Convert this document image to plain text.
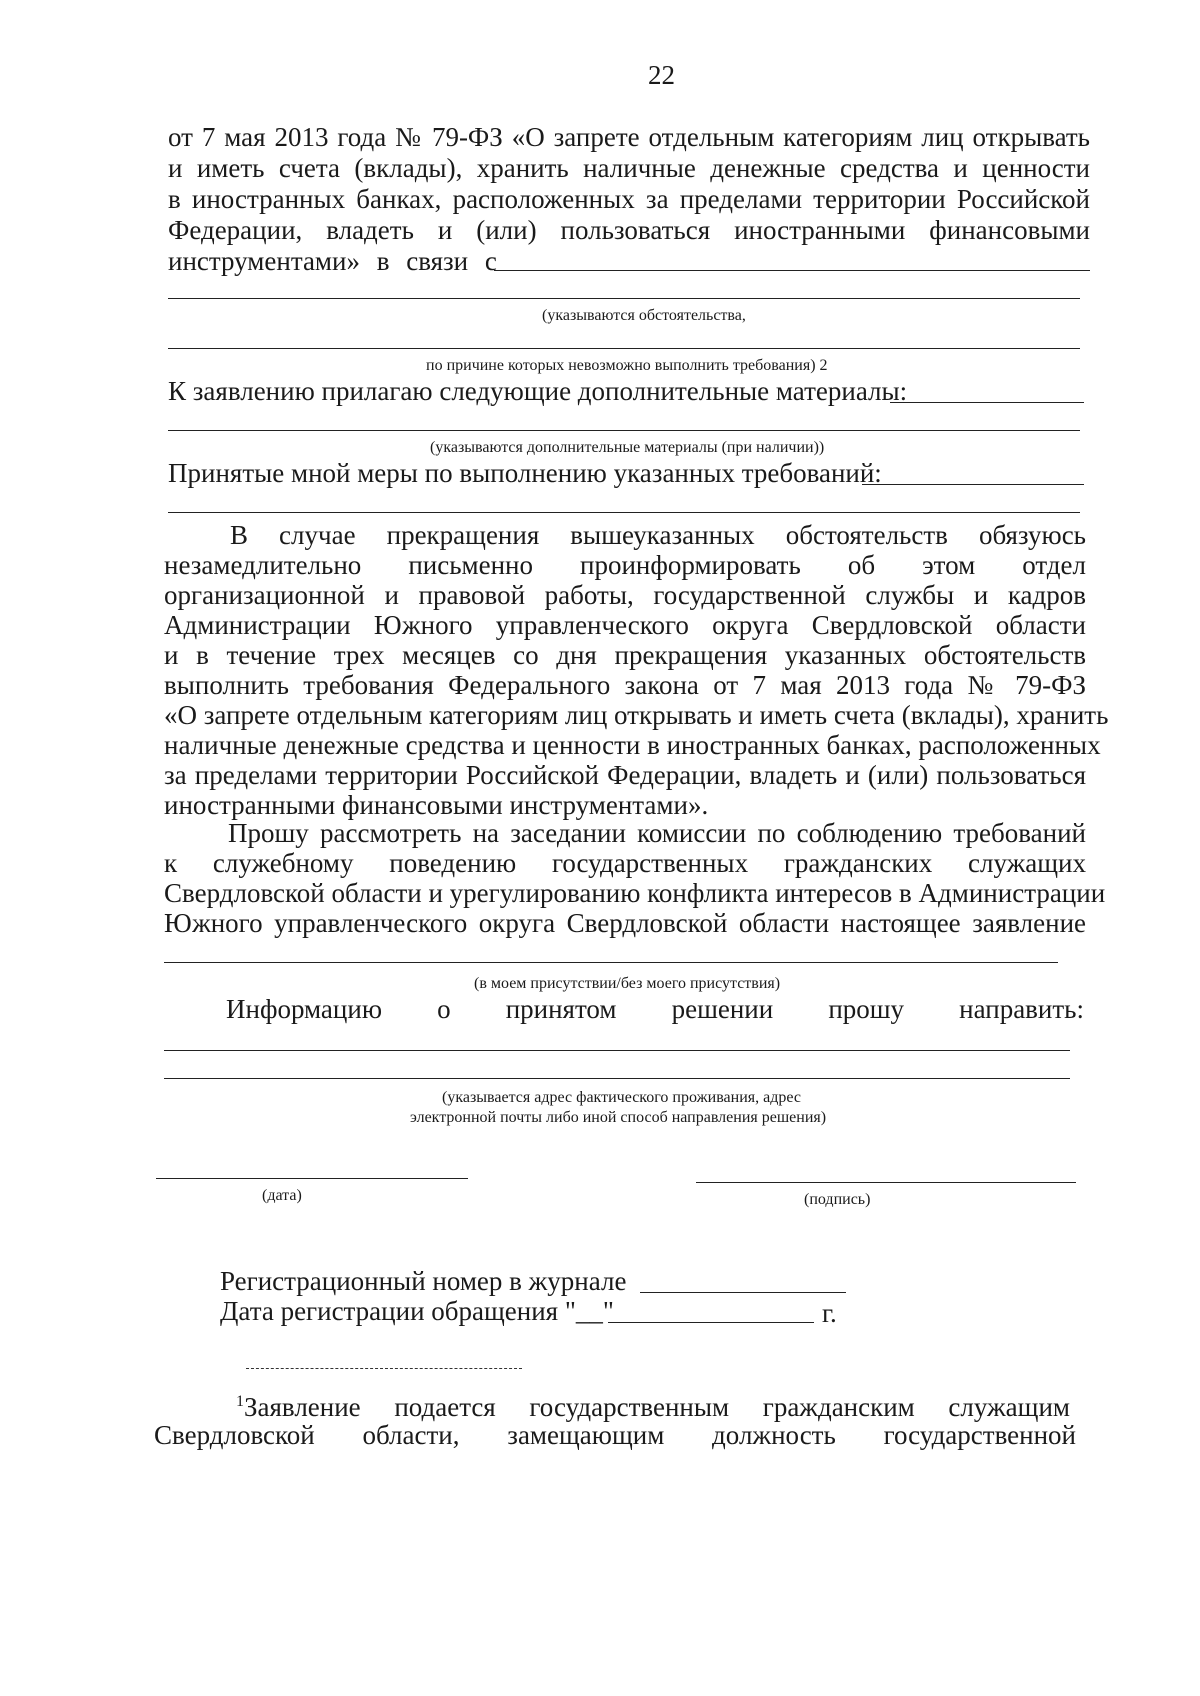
22
от 7 мая 2013 года № 79-ФЗ «О запрете отдельным категориям лиц открывать
и иметь счета (вклады), хранить наличные денежные средства и ценности
в иностранных банках, расположенных за пределами территории Российской
Федерации, владеть и (или) пользоваться иностранными финансовыми
инструментами» в связи с
(указываются обстоятельства,
по причине которых невозможно выполнить требования) 2
К заявлению прилагаю следующие дополнительные материалы:
(указываются дополнительные материалы (при наличии))
Принятые мной меры по выполнению указанных требований:
В случае прекращения вышеуказанных обстоятельств обязуюсь
незамедлительно письменно проинформировать об этом отдел
организационной и правовой работы, государственной службы и кадров
Администрации Южного управленческого округа Свердловской области
и в течение трех месяцев со дня прекращения указанных обстоятельств
выполнить требования Федерального закона от 7 мая 2013 года № 79-ФЗ
«О запрете отдельным категориям лиц открывать и иметь счета (вклады), хранить
наличные денежные средства и ценности в иностранных банках, расположенных
за пределами территории Российской Федерации, владеть и (или) пользоваться
иностранными финансовыми инструментами».
Прошу рассмотреть на заседании комиссии по соблюдению требований
к служебному поведению государственных гражданских служащих
Свердловской области и урегулированию конфликта интересов в Администрации
Южного управленческого округа Свердловской области настоящее заявление
(в моем присутствии/без моего присутствия)
Информацию о принятом решении прошу направить:
(указывается адрес фактического проживания, адрес
электронной почты либо иной способ направления решения)
(дата)	(подпись)
Регистрационный номер в журнале
Дата регистрации обращения "__"	г.
$^1$Заявление подается государственным гражданским служащим
Свердловской области, замещающим должность государственной
